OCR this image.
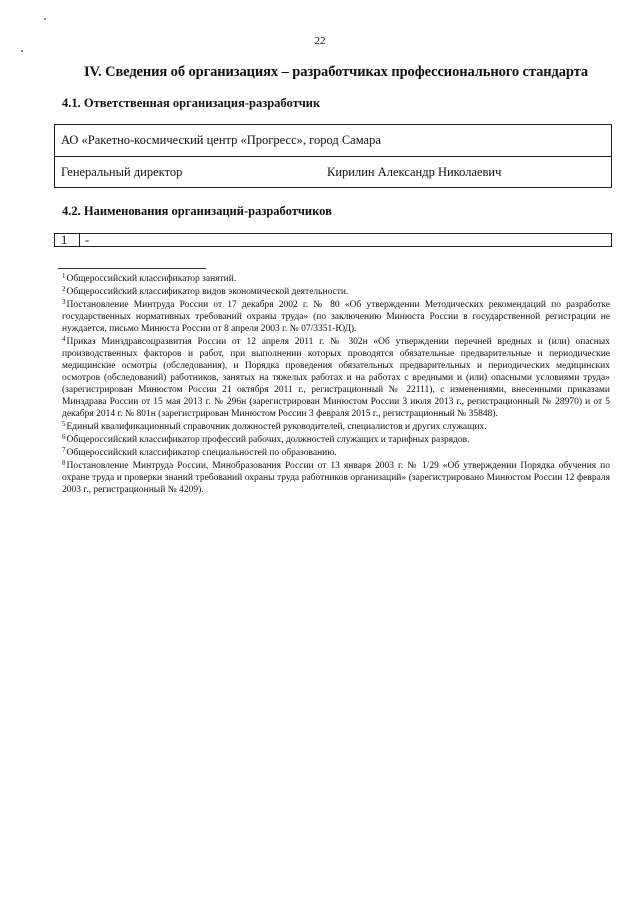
22
IV. Сведения об организациях – разработчиках профессионального стандарта
4.1. Ответственная организация-разработчик
АО «Ракетно-космический центр «Прогресс», город Самара
Генеральный директор	Кирилин Александр Николаевич
4.2. Наименования организаций-разработчиков
1	-

$^1$Общероссийский классификатор занятий.

$^2$Общероссийский классификатор видов экономической деятельности.

$^3$Постановление Минтруда России от 17 декабря 2002 г. № 80 «Об утверждении Методических рекомендаций по разработке государственных нормативных требований охраны труда» (по заключению Минюста России в государственной регистрации не нуждается, письмо Минюста России от 8 апреля 2003 г. № 07/3351-ЮД).

$^4$Приказ Минздравсоцразвития России от 12 апреля 2011 г. № 302н «Об утверждении перечней вредных и (или) опасных производственных факторов и работ, при выполнении которых проводятся обязательные предварительные и периодические медицинские осмотры (обследования), и Порядка проведения обязательных предварительных и периодических медицинских осмотров (обследований) работников, занятых на тяжелых работах и на работах с вредными и (или) опасными условиями труда» (зарегистрирован Минюстом России 21 октября 2011 г., регистрационный № 22111), с изменениями, внесенными приказами Минздрава России от 15 мая 2013 г. № 296н (зарегистрирован Минюстом России 3 июля 2013 г., регистрационный № 28970) и от 5 декабря 2014 г. № 801н (зарегистрирован Минюстом России 3 февраля 2015 г., регистрационный № 35848).

$^5$Единый квалификационный справочник должностей руководителей, специалистов и других служащих.

$^6$Общероссийский классификатор профессий рабочих, должностей служащих и тарифных разрядов.

$^7$Общероссийский классификатор специальностей по образованию.

$^8$Постановление Минтруда России, Минобразования России от 13 января 2003 г. № 1/29 «Об утверждении Порядка обучения по охране труда и проверки знаний требований охраны труда работников организаций» (зарегистрировано Минюстом России 12 февраля 2003 г., регистрационный № 4209).
